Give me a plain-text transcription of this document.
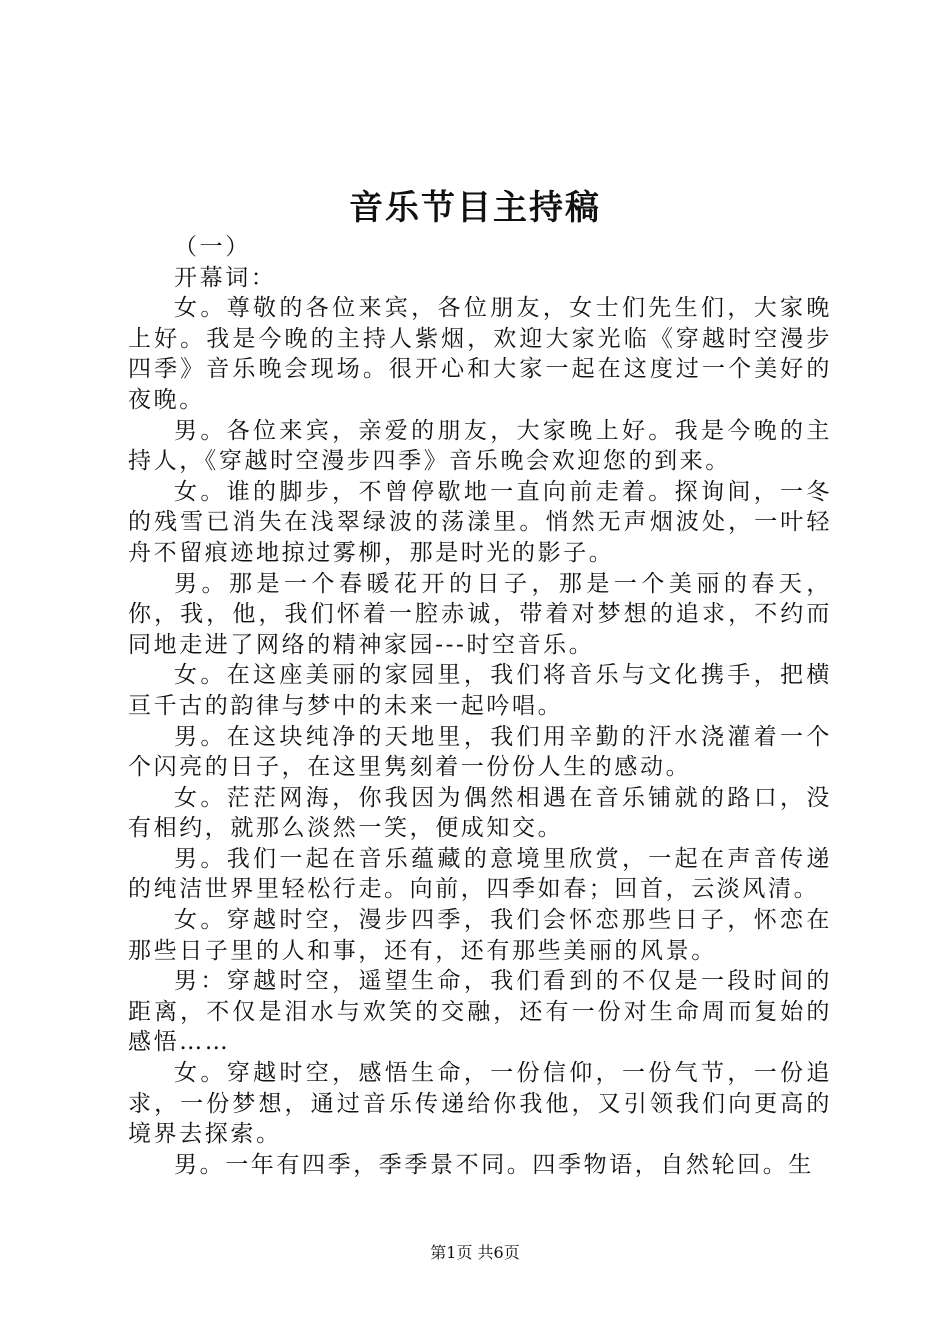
音乐节目主持稿

（一）

开幕词：

女。尊敬的各位来宾，各位朋友，女士们先生们，大家晚上好。我是今晚的主持人紫烟，欢迎大家光临《穿越时空漫步四季》音乐晚会现场。很开心和大家一起在这度过一个美好的夜晚。

男。各位来宾，亲爱的朋友，大家晚上好。我是今晚的主持人，《穿越时空漫步四季》音乐晚会欢迎您的到来。

女。谁的脚步，不曾停歇地一直向前走着。探询间，一冬的残雪已消失在浅翠绿波的荡漾里。悄然无声烟波处，一叶轻舟不留痕迹地掠过雾柳，那是时光的影子。

男。那是一个春暖花开的日子，那是一个美丽的春天，你，我，他，我们怀着一腔赤诚，带着对梦想的追求，不约而同地走进了网络的精神家园---时空音乐。

女。在这座美丽的家园里，我们将音乐与文化携手，把横亘千古的韵律与梦中的未来一起吟唱。

男。在这块纯净的天地里，我们用辛勤的汗水浇灌着一个个闪亮的日子，在这里隽刻着一份份人生的感动。

女。茫茫网海，你我因为偶然相遇在音乐铺就的路口，没有相约，就那么淡然一笑，便成知交。

男。我们一起在音乐蕴藏的意境里欣赏，一起在声音传递的纯洁世界里轻松行走。向前，四季如春；回首，云淡风清。

女。穿越时空，漫步四季，我们会怀恋那些日子，怀恋在那些日子里的人和事，还有，还有那些美丽的风景。

男：穿越时空，遥望生命，我们看到的不仅是一段时间的距离，不仅是泪水与欢笑的交融，还有一份对生命周而复始的感悟……

女。穿越时空，感悟生命，一份信仰，一份气节，一份追求，一份梦想，通过音乐传递给你我他，又引领我们向更高的境界去探索。

男。一年有四季，季季景不同。四季物语，自然轮回。生

第1页 共6页
